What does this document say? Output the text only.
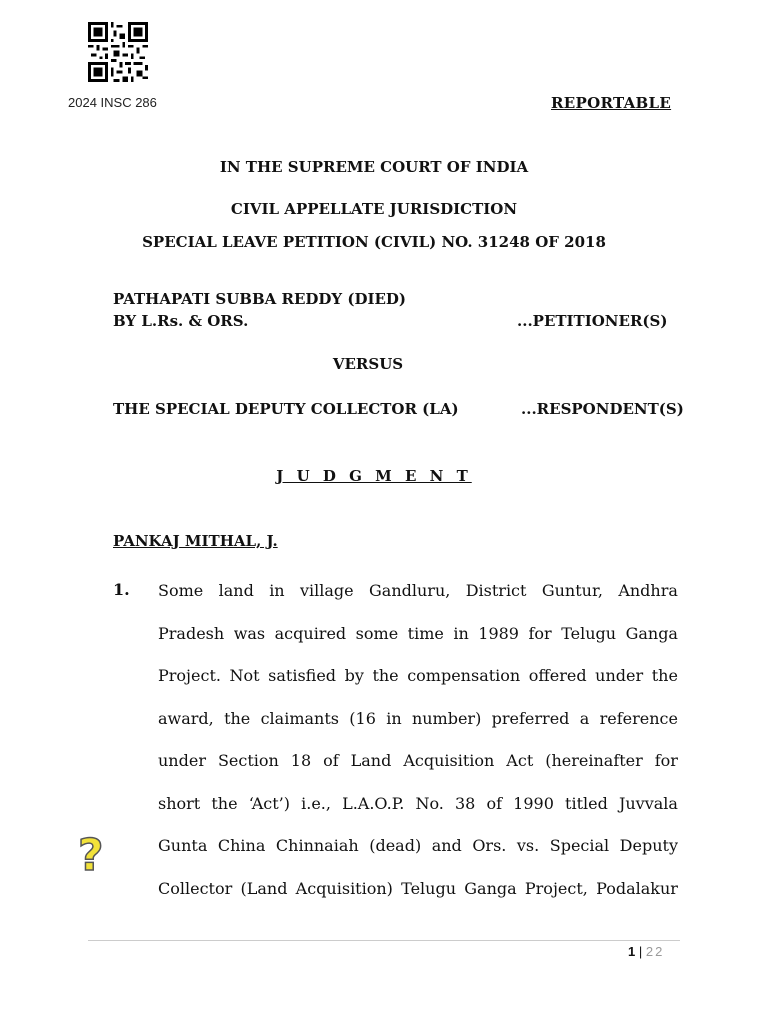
2024 INSC 286	REPORTABLE
IN THE SUPREME COURT OF INDIA
CIVIL APPELLATE JURISDICTION
SPECIAL LEAVE PETITION (CIVIL) NO. 31248 OF 2018
PATHAPATI SUBBA REDDY (DIED)
BY L.Rs. & ORS.	...PETITIONER(S)
VERSUS
THE SPECIAL DEPUTY COLLECTOR (LA)	...RESPONDENT(S)
J U D G M E N T
PANKAJ MITHAL, J.
1. Some land in village Gandluru, District Guntur, Andhra
Pradesh was acquired some time in 1989 for Telugu Ganga
Project. Not satisfied by the compensation offered under the
award, the claimants (16 in number) preferred a reference
under Section 18 of Land Acquisition Act (hereinafter for
short the ‘Act’) i.e., L.A.O.P. No. 38 of 1990 titled Juvvala
Gunta China Chinnaiah (dead) and Ors. vs. Special Deputy
Collector (Land Acquisition) Telugu Ganga Project, Podalakur
?
1 | 22
